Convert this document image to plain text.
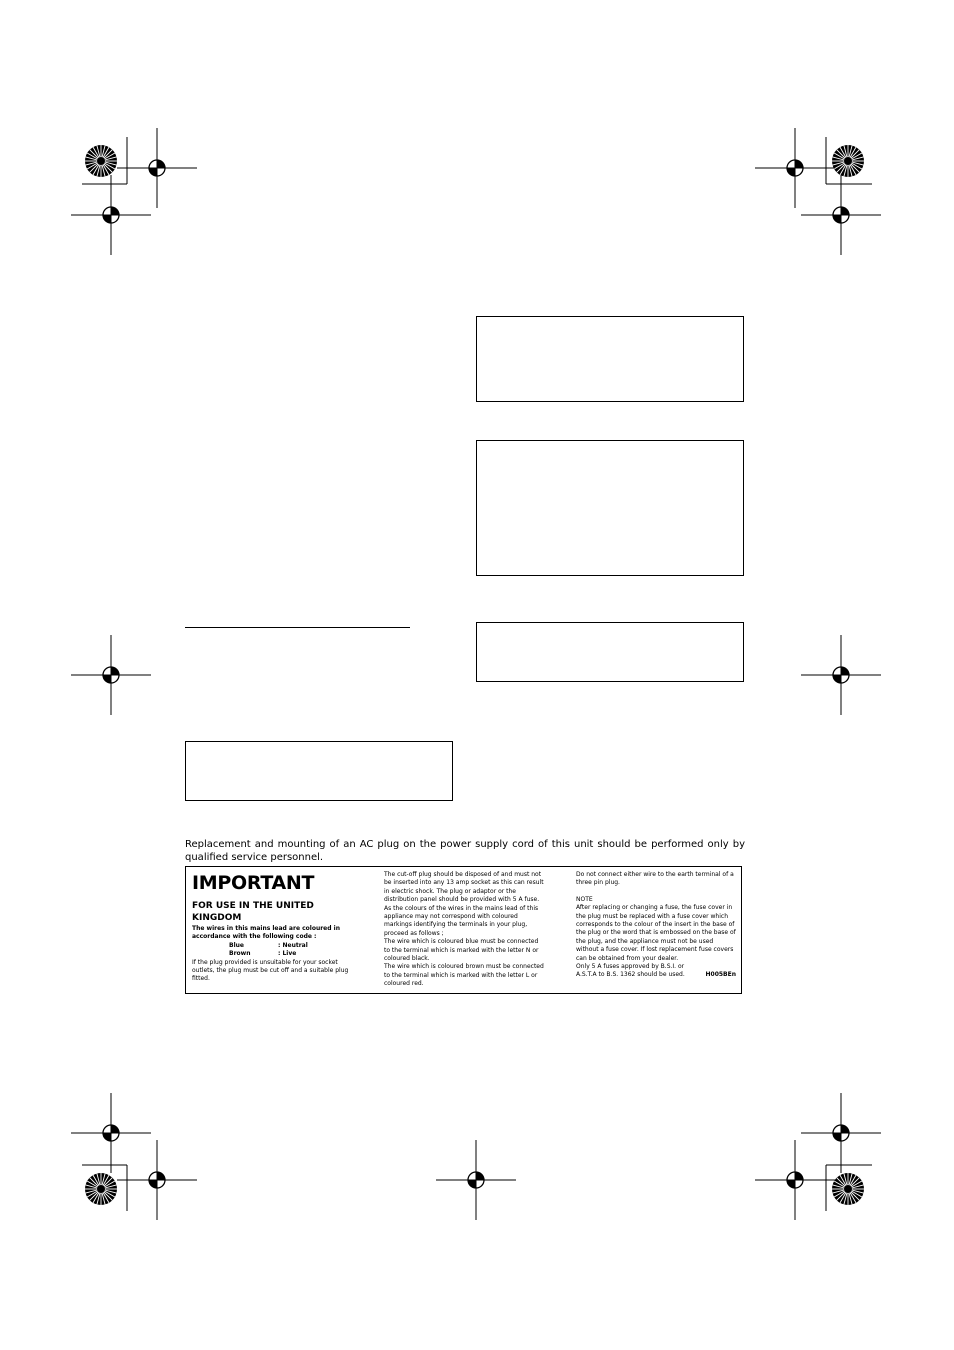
Replacement and mounting of an AC plug on the power supply cord of this unit should be performed only by qualified service personnel.
IMPORTANT
FOR USE IN THE UNITED KINGDOM
The wires in this mains lead are coloured in accordance with the following code :
Blue	: Neutral
Brown	: Live

If the plug provided is unsuitable for your socket outlets, the plug must be cut off and a suitable plug fitted.

The cut-off plug should be disposed of and must not be inserted into any 13 amp socket as this can result in electric shock. The plug or adaptor or the distribution panel should be provided with 5 A fuse. As the colours of the wires in the mains lead of this appliance may not correspond with coloured markings identifying the terminals in your plug, proceed as follows ;

The wire which is coloured blue must be connected to the terminal which is marked with the letter N or coloured black.

The wire which is coloured brown must be connected to the terminal which is marked with the letter L or coloured red.

Do not connect either wire to the earth terminal of a three pin plug.

NOTE

After replacing or changing a fuse, the fuse cover in the plug must be replaced with a fuse cover which corresponds to the colour of the insert in the base of the plug or the word that is embossed on the base of the plug, and the appliance must not be used without a fuse cover. If lost replacement fuse covers can be obtained from your dealer.

Only 5 A fuses approved by B.S.I. or A.S.T.A to B.S. 1362 should be used.	H005BEn
